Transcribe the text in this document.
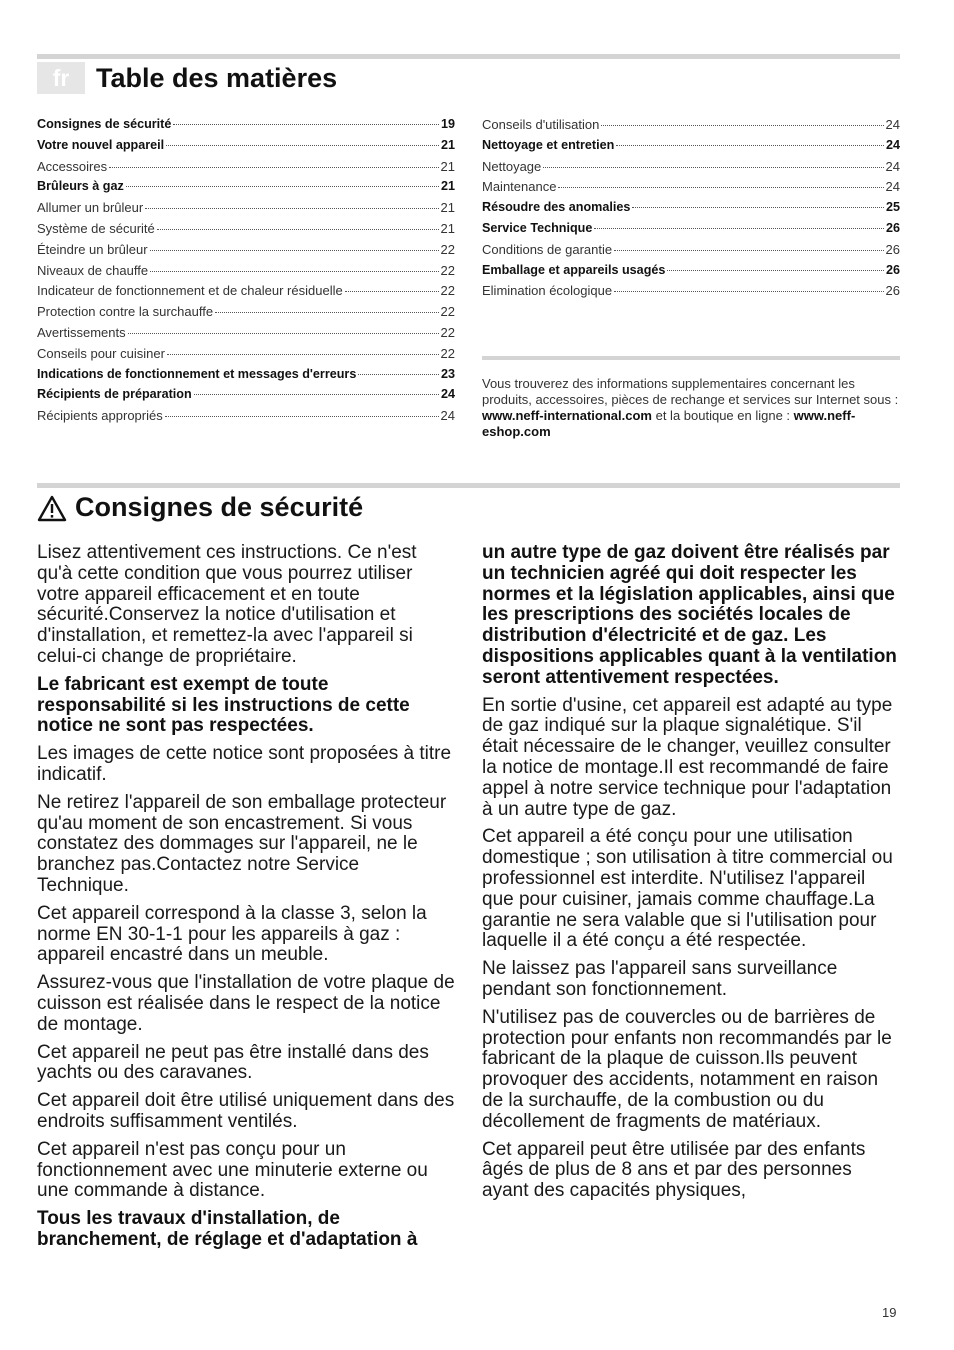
fr Table des matières
Consignes de sécurité	19
Votre nouvel appareil	21
Accessoires	21
Brûleurs à gaz	21
Allumer un brûleur	21
Système de sécurité	21
Éteindre un brûleur	22
Niveaux de chauffe	22
Indicateur de fonctionnement et de chaleur résiduelle	22
Protection contre la surchauffe	22
Avertissements	22
Conseils pour cuisiner	22
Indications de fonctionnement et messages d'erreurs	23
Récipients de préparation	24
Récipients appropriés	24
Conseils d'utilisation	24
Nettoyage et entretien	24
Nettoyage	24
Maintenance	24
Résoudre des anomalies	25
Service Technique	26
Conditions de garantie	26
Emballage et appareils usagés	26
Elimination écologique	26
Vous trouverez des informations supplementaires concernant les produits, accessoires, pièces de rechange et services sur Internet sous : www.neff-international.com et la boutique en ligne : www.neff-eshop.com
Consignes de sécurité

Lisez attentivement ces instructions. Ce n'est qu'à cette condition que vous pourrez utiliser votre appareil efficacement et en toute sécurité.Conservez la notice d'utilisation et d'installation, et remettez-la avec l'appareil si celui-ci change de propriétaire.

Le fabricant est exempt de toute responsabilité si les instructions de cette notice ne sont pas respectées.

Les images de cette notice sont proposées à titre indicatif.

Ne retirez l'appareil de son emballage protecteur qu'au moment de son encastrement. Si vous constatez des dommages sur l'appareil, ne le branchez pas.Contactez notre Service Technique.

Cet appareil correspond à la classe 3, selon la norme EN 30-1-1 pour les appareils à gaz : appareil encastré dans un meuble.

Assurez-vous que l'installation de votre plaque de cuisson est réalisée dans le respect de la notice de montage.

Cet appareil ne peut pas être installé dans des yachts ou des caravanes.

Cet appareil doit être utilisé uniquement dans des endroits suffisamment ventilés.

Cet appareil n'est pas conçu pour un fonctionnement avec une minuterie externe ou une commande à distance.

Tous les travaux d'installation, de branchement, de réglage et d'adaptation à

un autre type de gaz doivent être réalisés par un technicien agréé qui doit respecter les normes et la législation applicables, ainsi que les prescriptions des sociétés locales de distribution d'électricité et de gaz. Les dispositions applicables quant à la ventilation seront attentivement respectées.

En sortie d'usine, cet appareil est adapté au type de gaz indiqué sur la plaque signalétique. S'il était nécessaire de le changer, veuillez consulter la notice de montage.Il est recommandé de faire appel à notre service technique pour l'adaptation à un autre type de gaz.

Cet appareil a été conçu pour une utilisation domestique ; son utilisation à titre commercial ou professionnel est interdite. N'utilisez l'appareil que pour cuisiner, jamais comme chauffage.La garantie ne sera valable que si l'utilisation pour laquelle il a été conçu a été respectée.

Ne laissez pas l'appareil sans surveillance pendant son fonctionnement.

N'utilisez pas de couvercles ou de barrières de protection pour enfants non recommandés par le fabricant de la plaque de cuisson.Ils peuvent provoquer des accidents, notamment en raison de la surchauffe, de la combustion ou du décollement de fragments de matériaux.

Cet appareil peut être utilisée par des enfants âgés de plus de 8 ans et par des personnes ayant des capacités physiques,

19
